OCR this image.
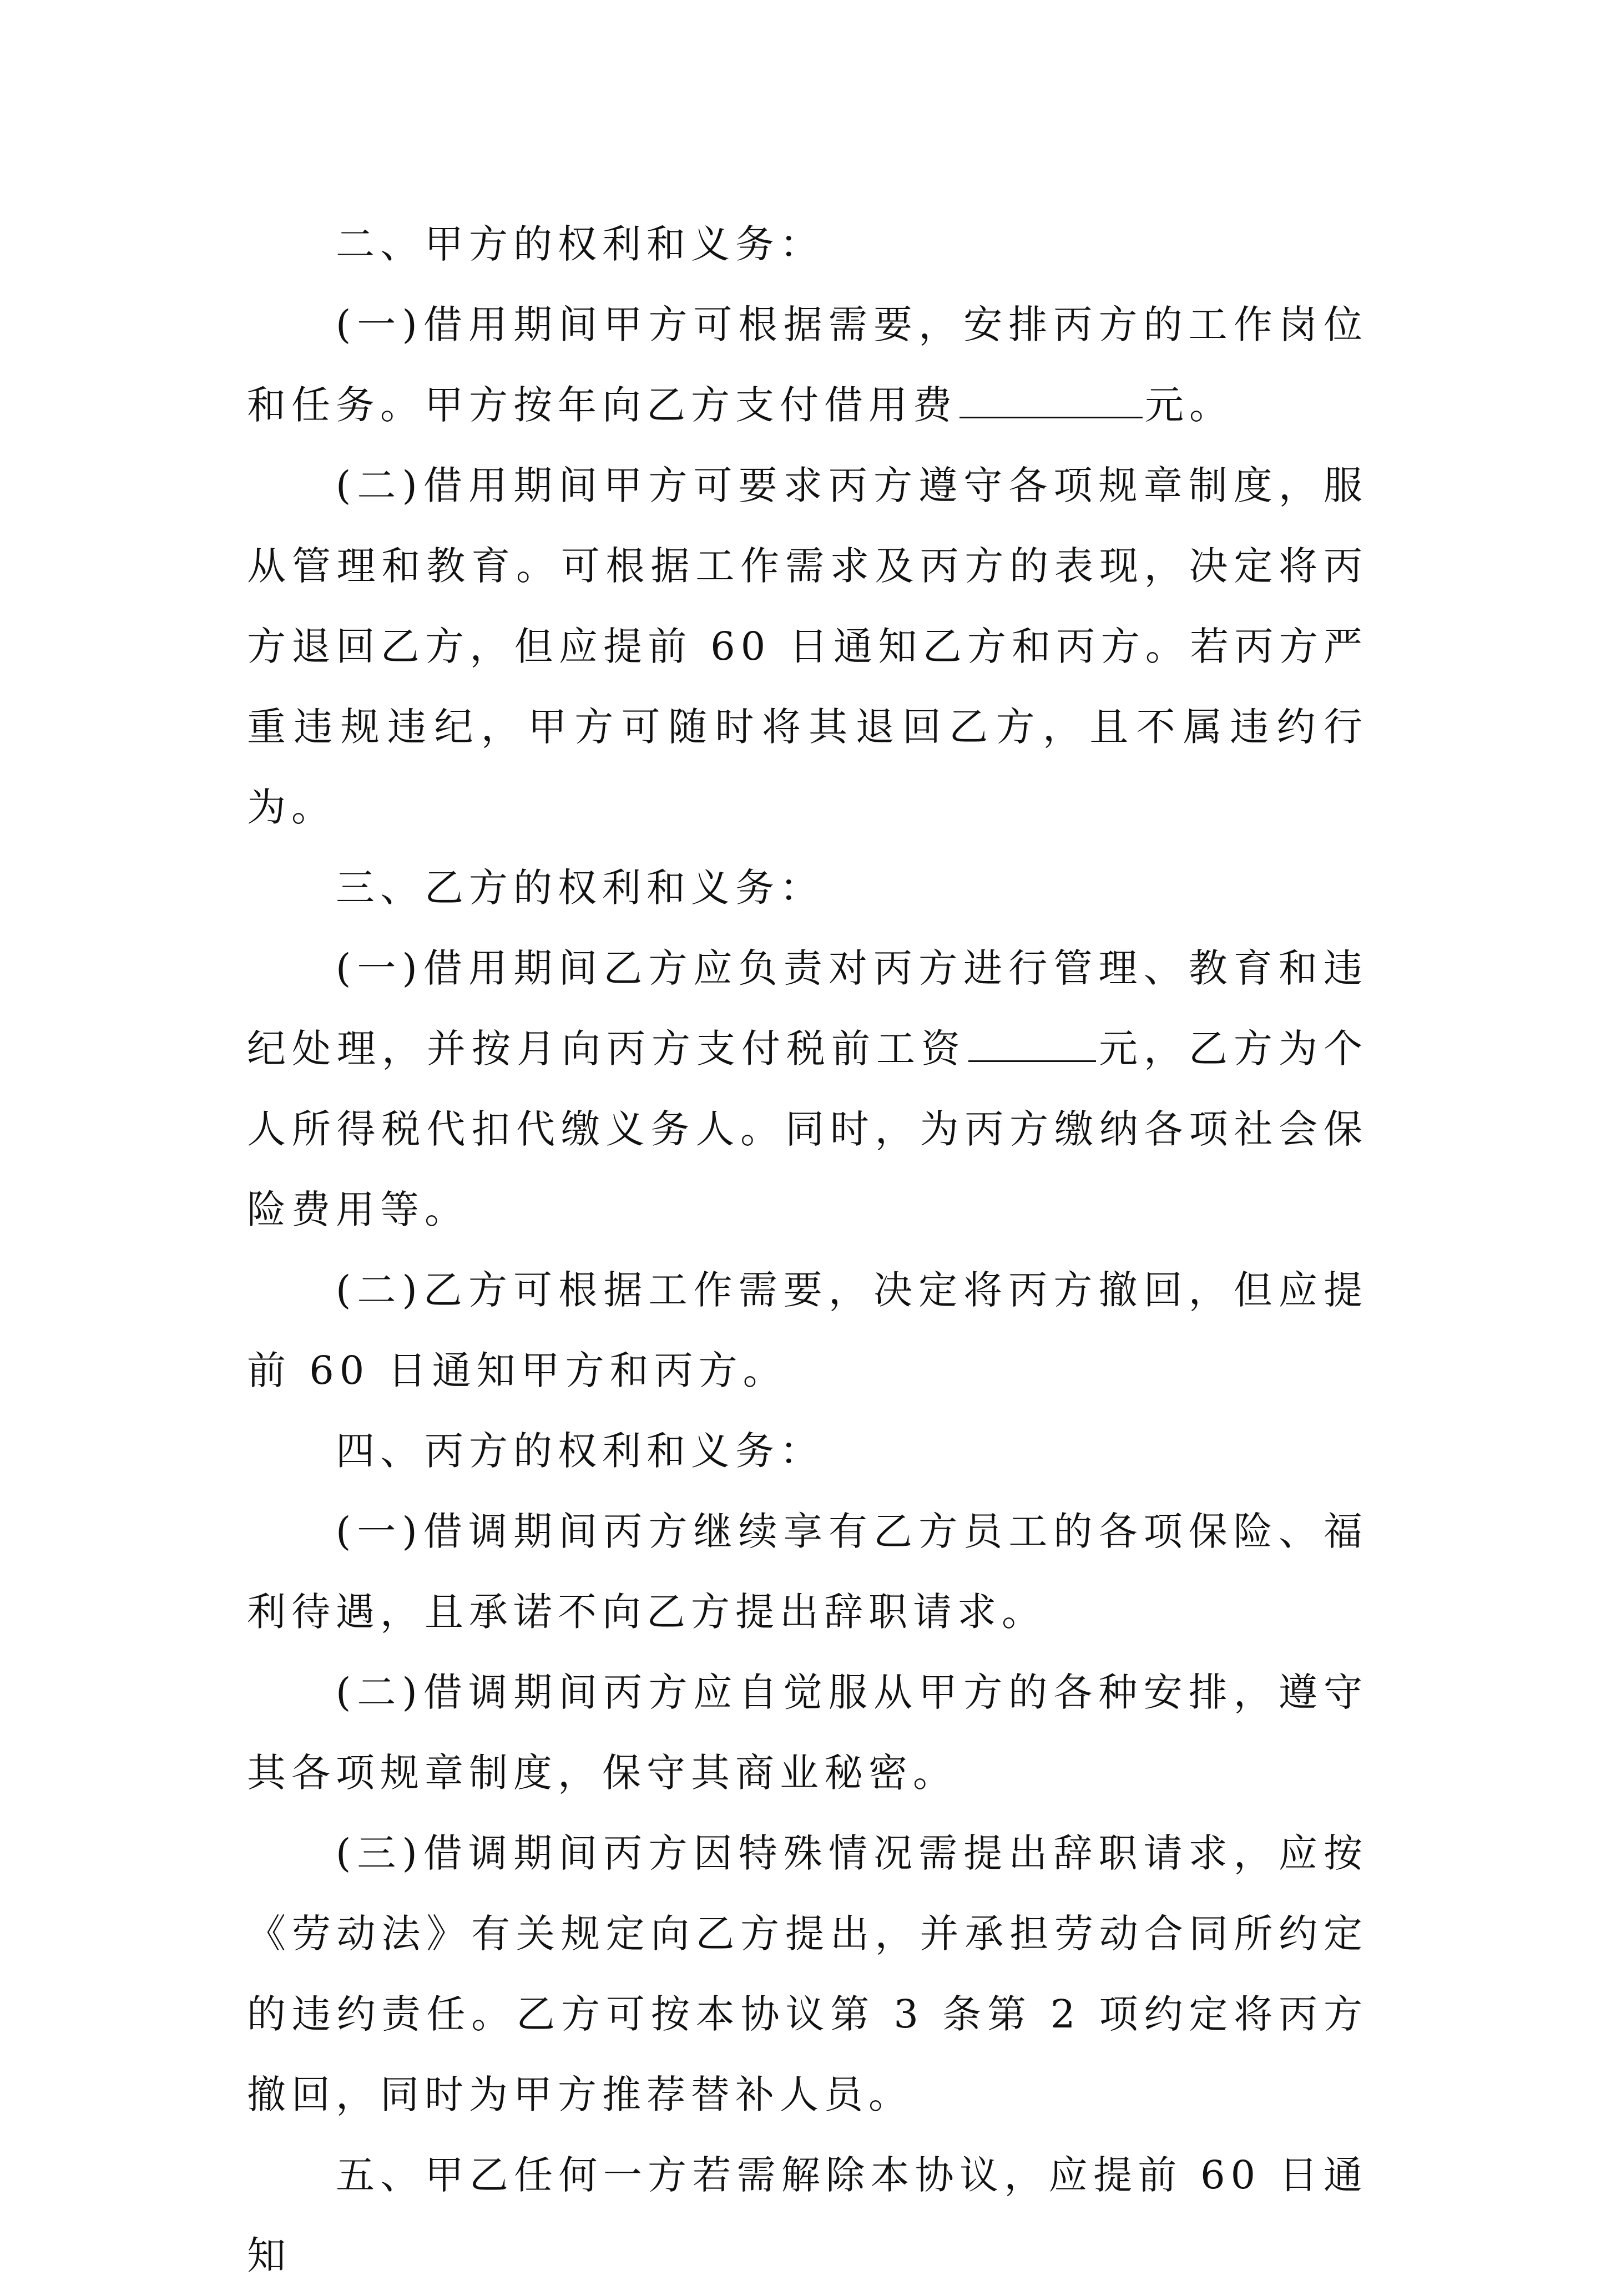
二、甲方的权利和义务：

(一)借用期间甲方可根据需要，安排丙方的工作岗位和任务。甲方按年向乙方支付借用费	元。

(二)借用期间甲方可要求丙方遵守各项规章制度，服从管理和教育。可根据工作需求及丙方的表现，决定将丙方退回乙方，但应提前 60 日通知乙方和丙方。若丙方严重违规违纪，甲方可随时将其退回乙方，且不属违约行为。

三、乙方的权利和义务：

(一)借用期间乙方应负责对丙方进行管理、教育和违纪处理，并按月向丙方支付税前工资	元，乙方为个人所得税代扣代缴义务人。同时，为丙方缴纳各项社会保险费用等。

(二)乙方可根据工作需要，决定将丙方撤回，但应提前 60 日通知甲方和丙方。

四、丙方的权利和义务：

(一)借调期间丙方继续享有乙方员工的各项保险、福利待遇，且承诺不向乙方提出辞职请求。

(二)借调期间丙方应自觉服从甲方的各种安排，遵守其各项规章制度，保守其商业秘密。

(三)借调期间丙方因特殊情况需提出辞职请求，应按《劳动法》有关规定向乙方提出，并承担劳动合同所约定的违约责任。乙方可按本协议第 3 条第 2 项约定将丙方撤回，同时为甲方推荐替补人员。

五、甲乙任何一方若需解除本协议，应提前 60 日通知
